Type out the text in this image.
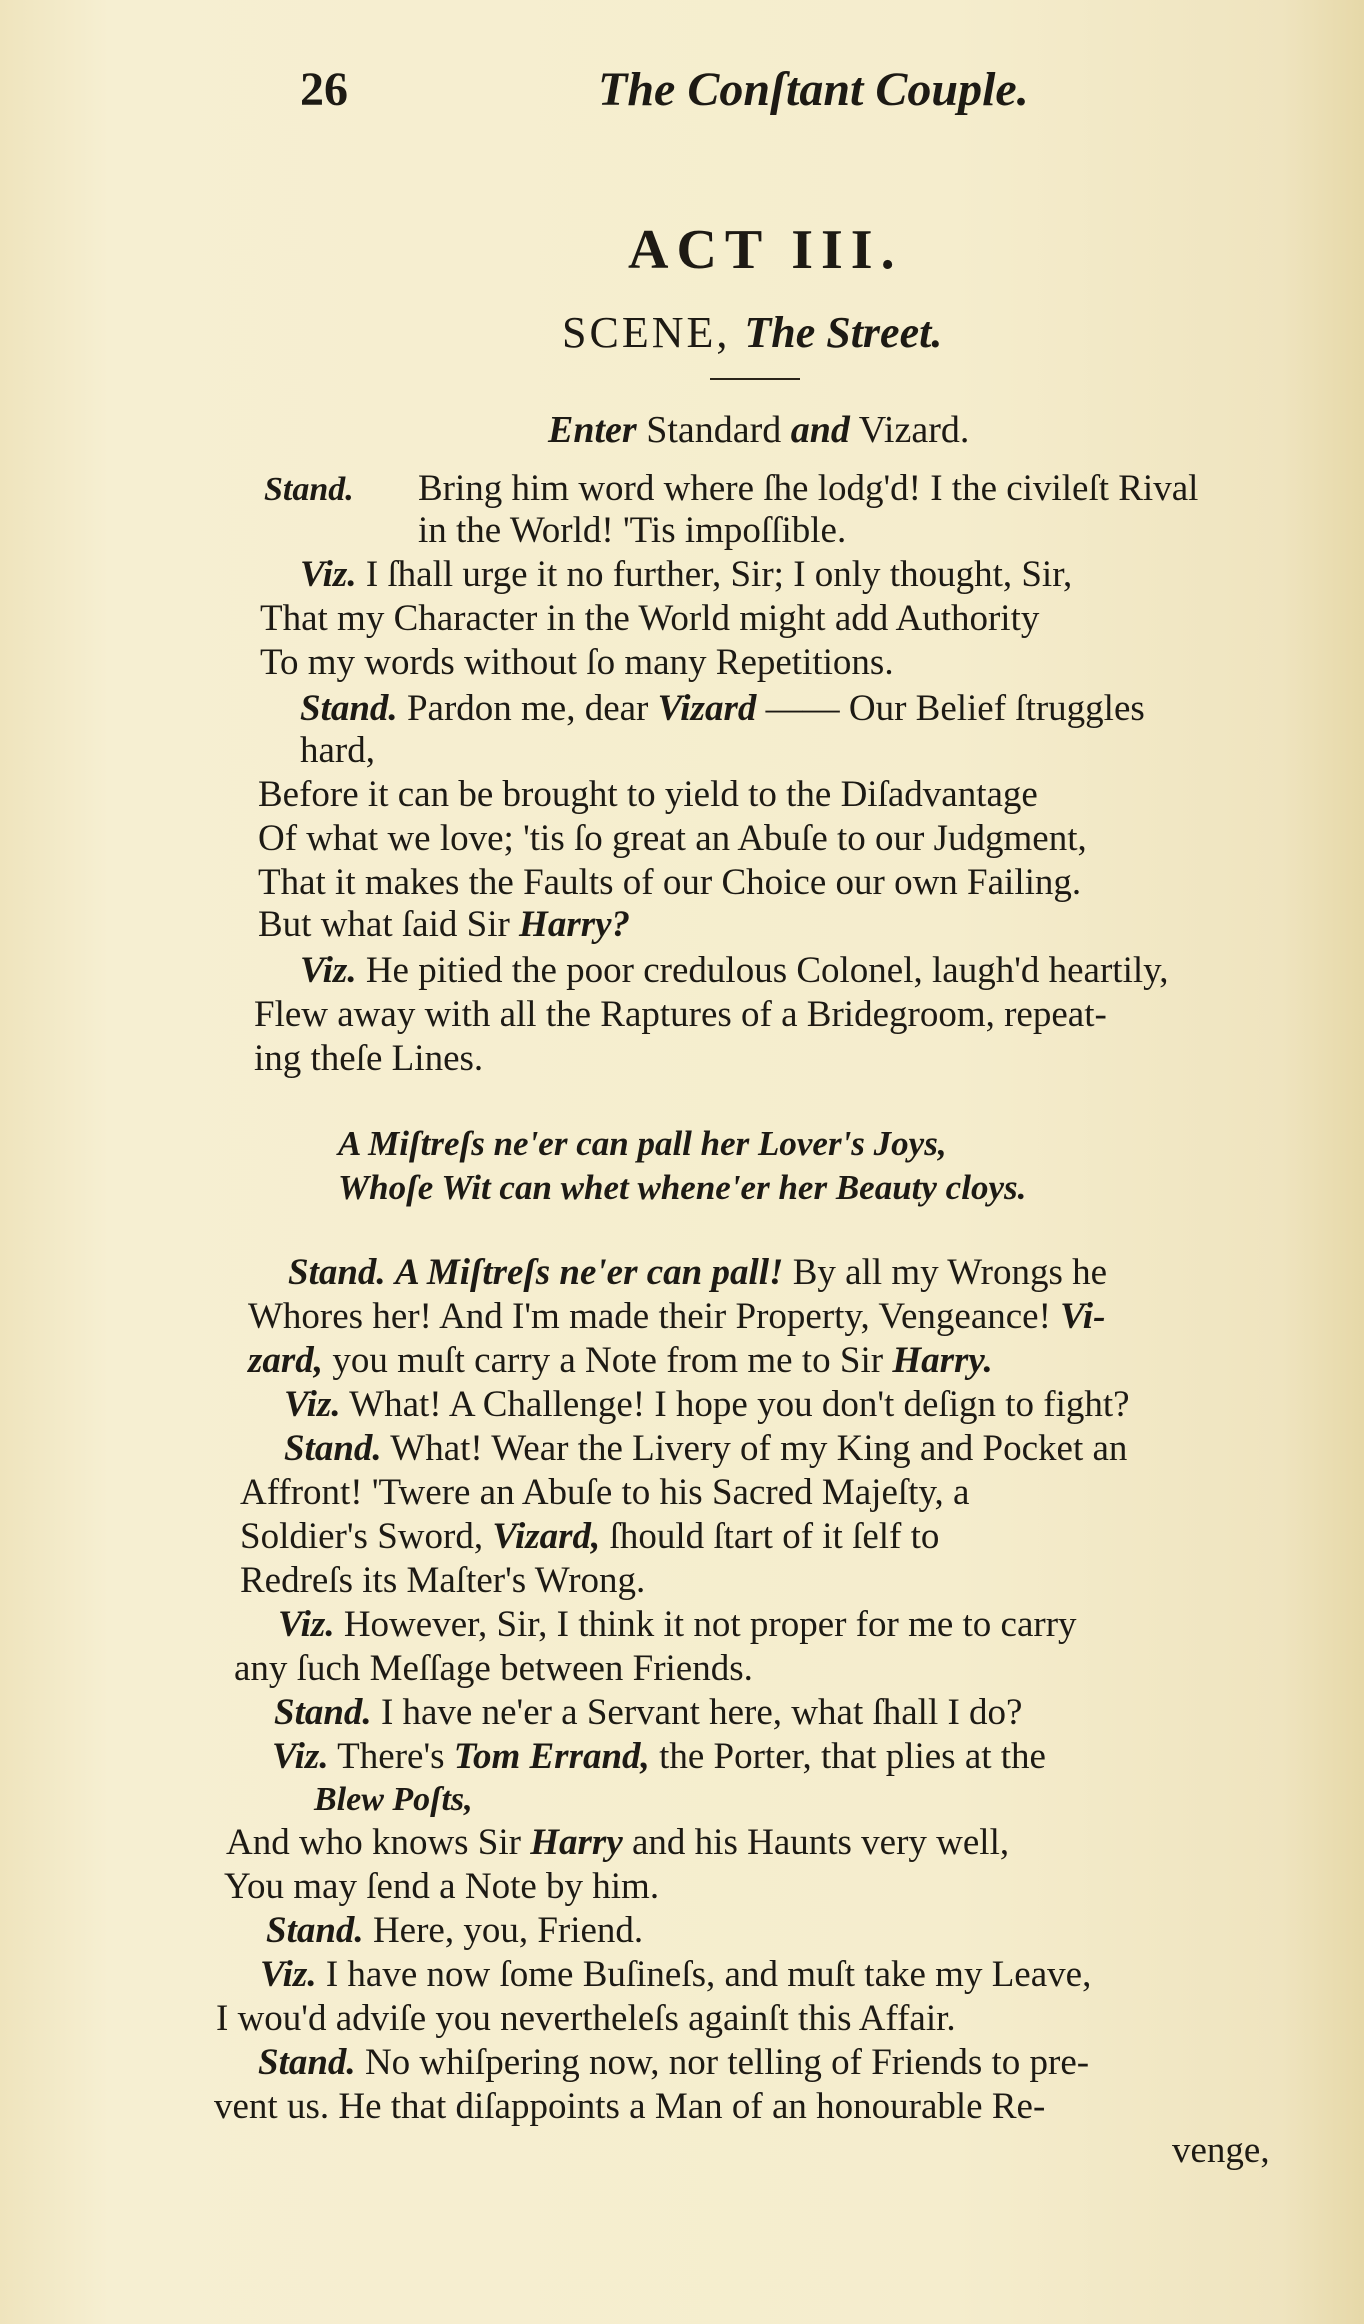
26	The Conſtant Couple.
ACT III.
SCENE, The Street.
Enter Standard and Vizard.
Stand. Bring him word where ſhe lodg'd! I the civileſt Rival
in the World! 'Tis impoſſible.
Viz. I ſhall urge it no further, Sir; I only thought, Sir,
That my Character in the World might add Authority
To my words without ſo many Repetitions.
Stand. Pardon me, dear Vizard —— Our Belief ſtruggles
hard,
Before it can be brought to yield to the Diſadvantage
Of what we love; 'tis ſo great an Abuſe to our Judgment,
That it makes the Faults of our Choice our own Failing.
But what ſaid Sir Harry?
Viz. He pitied the poor credulous Colonel, laugh'd heartily,
Flew away with all the Raptures of a Bridegroom, repeat-
ing theſe Lines.
A Miſtreſs ne'er can pall her Lover's Joys,
Whoſe Wit can whet whene'er her Beauty cloys.
Stand. A Miſtreſs ne'er can pall! By all my Wrongs he
Whores her! And I'm made their Property, Vengeance! Vi-
zard, you muſt carry a Note from me to Sir Harry.
Viz. What! A Challenge! I hope you don't deſign to fight?
Stand. What! Wear the Livery of my King and Pocket an
Affront! 'Twere an Abuſe to his Sacred Majeſty, a
Soldier's Sword, Vizard, ſhould ſtart of it ſelf to
Redreſs its Maſter's Wrong.
Viz. However, Sir, I think it not proper for me to carry
any ſuch Meſſage between Friends.
Stand. I have ne'er a Servant here, what ſhall I do?
Viz. There's Tom Errand, the Porter, that plies at the
Blew Poſts,
And who knows Sir Harry and his Haunts very well,
You may ſend a Note by him.
Stand. Here, you, Friend.
Viz. I have now ſome Buſineſs, and muſt take my Leave,
I wou'd adviſe you nevertheleſs againſt this Affair.
Stand. No whiſpering now, nor telling of Friends to pre-
vent us. He that diſappoints a Man of an honourable Re-
venge,
